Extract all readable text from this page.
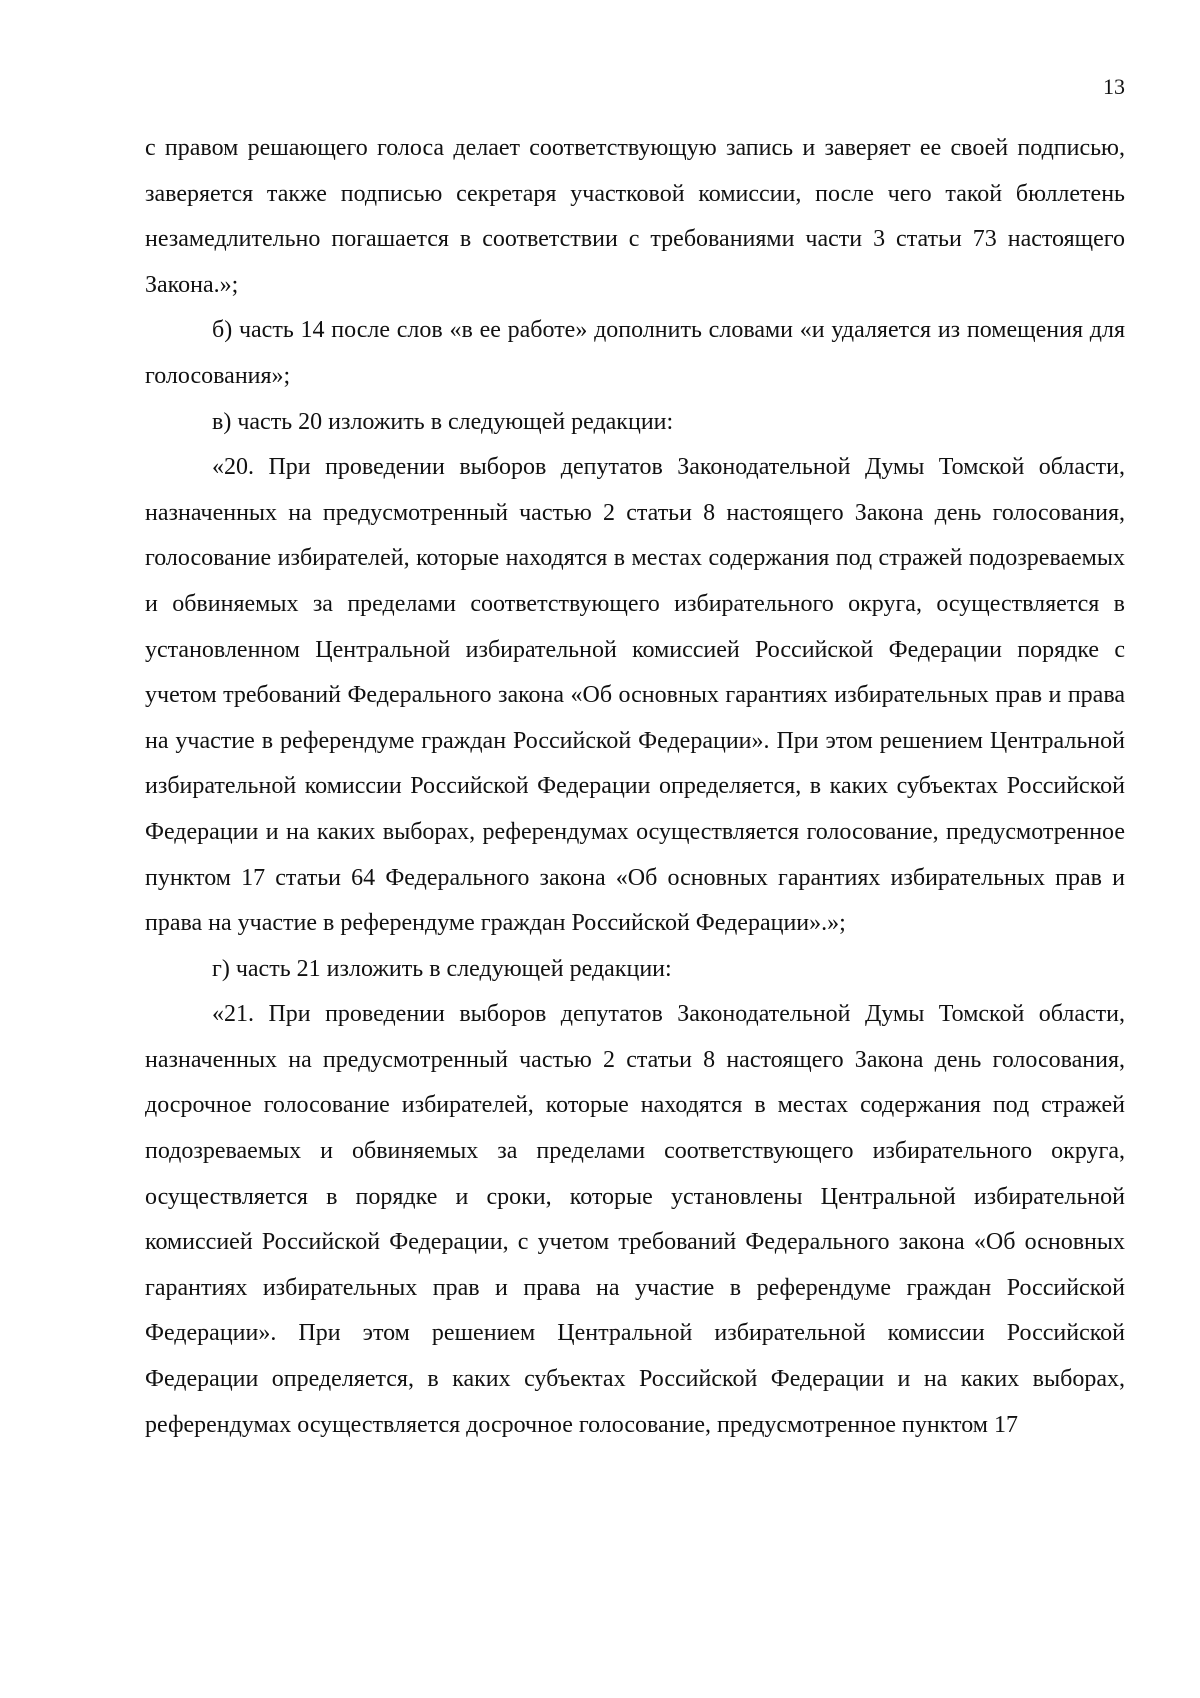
13

с правом решающего голоса делает соответствующую запись и заверяет ее своей подписью, заверяется также подписью секретаря участковой комиссии, после чего такой бюллетень незамедлительно погашается в соответствии с требованиями части 3 статьи 73 настоящего Закона.»;

б) часть 14 после слов «в ее работе» дополнить словами «и удаляется из помещения для голосования»;

в) часть 20 изложить в следующей редакции:

«20. При проведении выборов депутатов Законодательной Думы Томской области, назначенных на предусмотренный частью 2 статьи 8 настоящего Закона день голосования, голосование избирателей, которые находятся в местах содержания под стражей подозреваемых и обвиняемых за пределами соответствующего избирательного округа, осуществляется в установленном Центральной избирательной комиссией Российской Федерации порядке с учетом требований Федерального закона «Об основных гарантиях избирательных прав и права на участие в референдуме граждан Российской Федерации». При этом решением Центральной избирательной комиссии Российской Федерации определяется, в каких субъектах Российской Федерации и на каких выборах, референдумах осуществляется голосование, предусмотренное пунктом 17 статьи 64 Федерального закона «Об основных гарантиях избирательных прав и права на участие в референдуме граждан Российской Федерации».»;

г) часть 21 изложить в следующей редакции:

«21. При проведении выборов депутатов Законодательной Думы Томской области, назначенных на предусмотренный частью 2 статьи 8 настоящего Закона день голосования, досрочное голосование избирателей, которые находятся в местах содержания под стражей подозреваемых и обвиняемых за пределами соответствующего избирательного округа, осуществляется в порядке и сроки, которые установлены Центральной избирательной комиссией Российской Федерации, с учетом требований Федерального закона «Об основных гарантиях избирательных прав и права на участие в референдуме граждан Российской Федерации». При этом решением Центральной избирательной комиссии Российской Федерации определяется, в каких субъектах Российской Федерации и на каких выборах, референдумах осуществляется досрочное голосование, предусмотренное пунктом 17
